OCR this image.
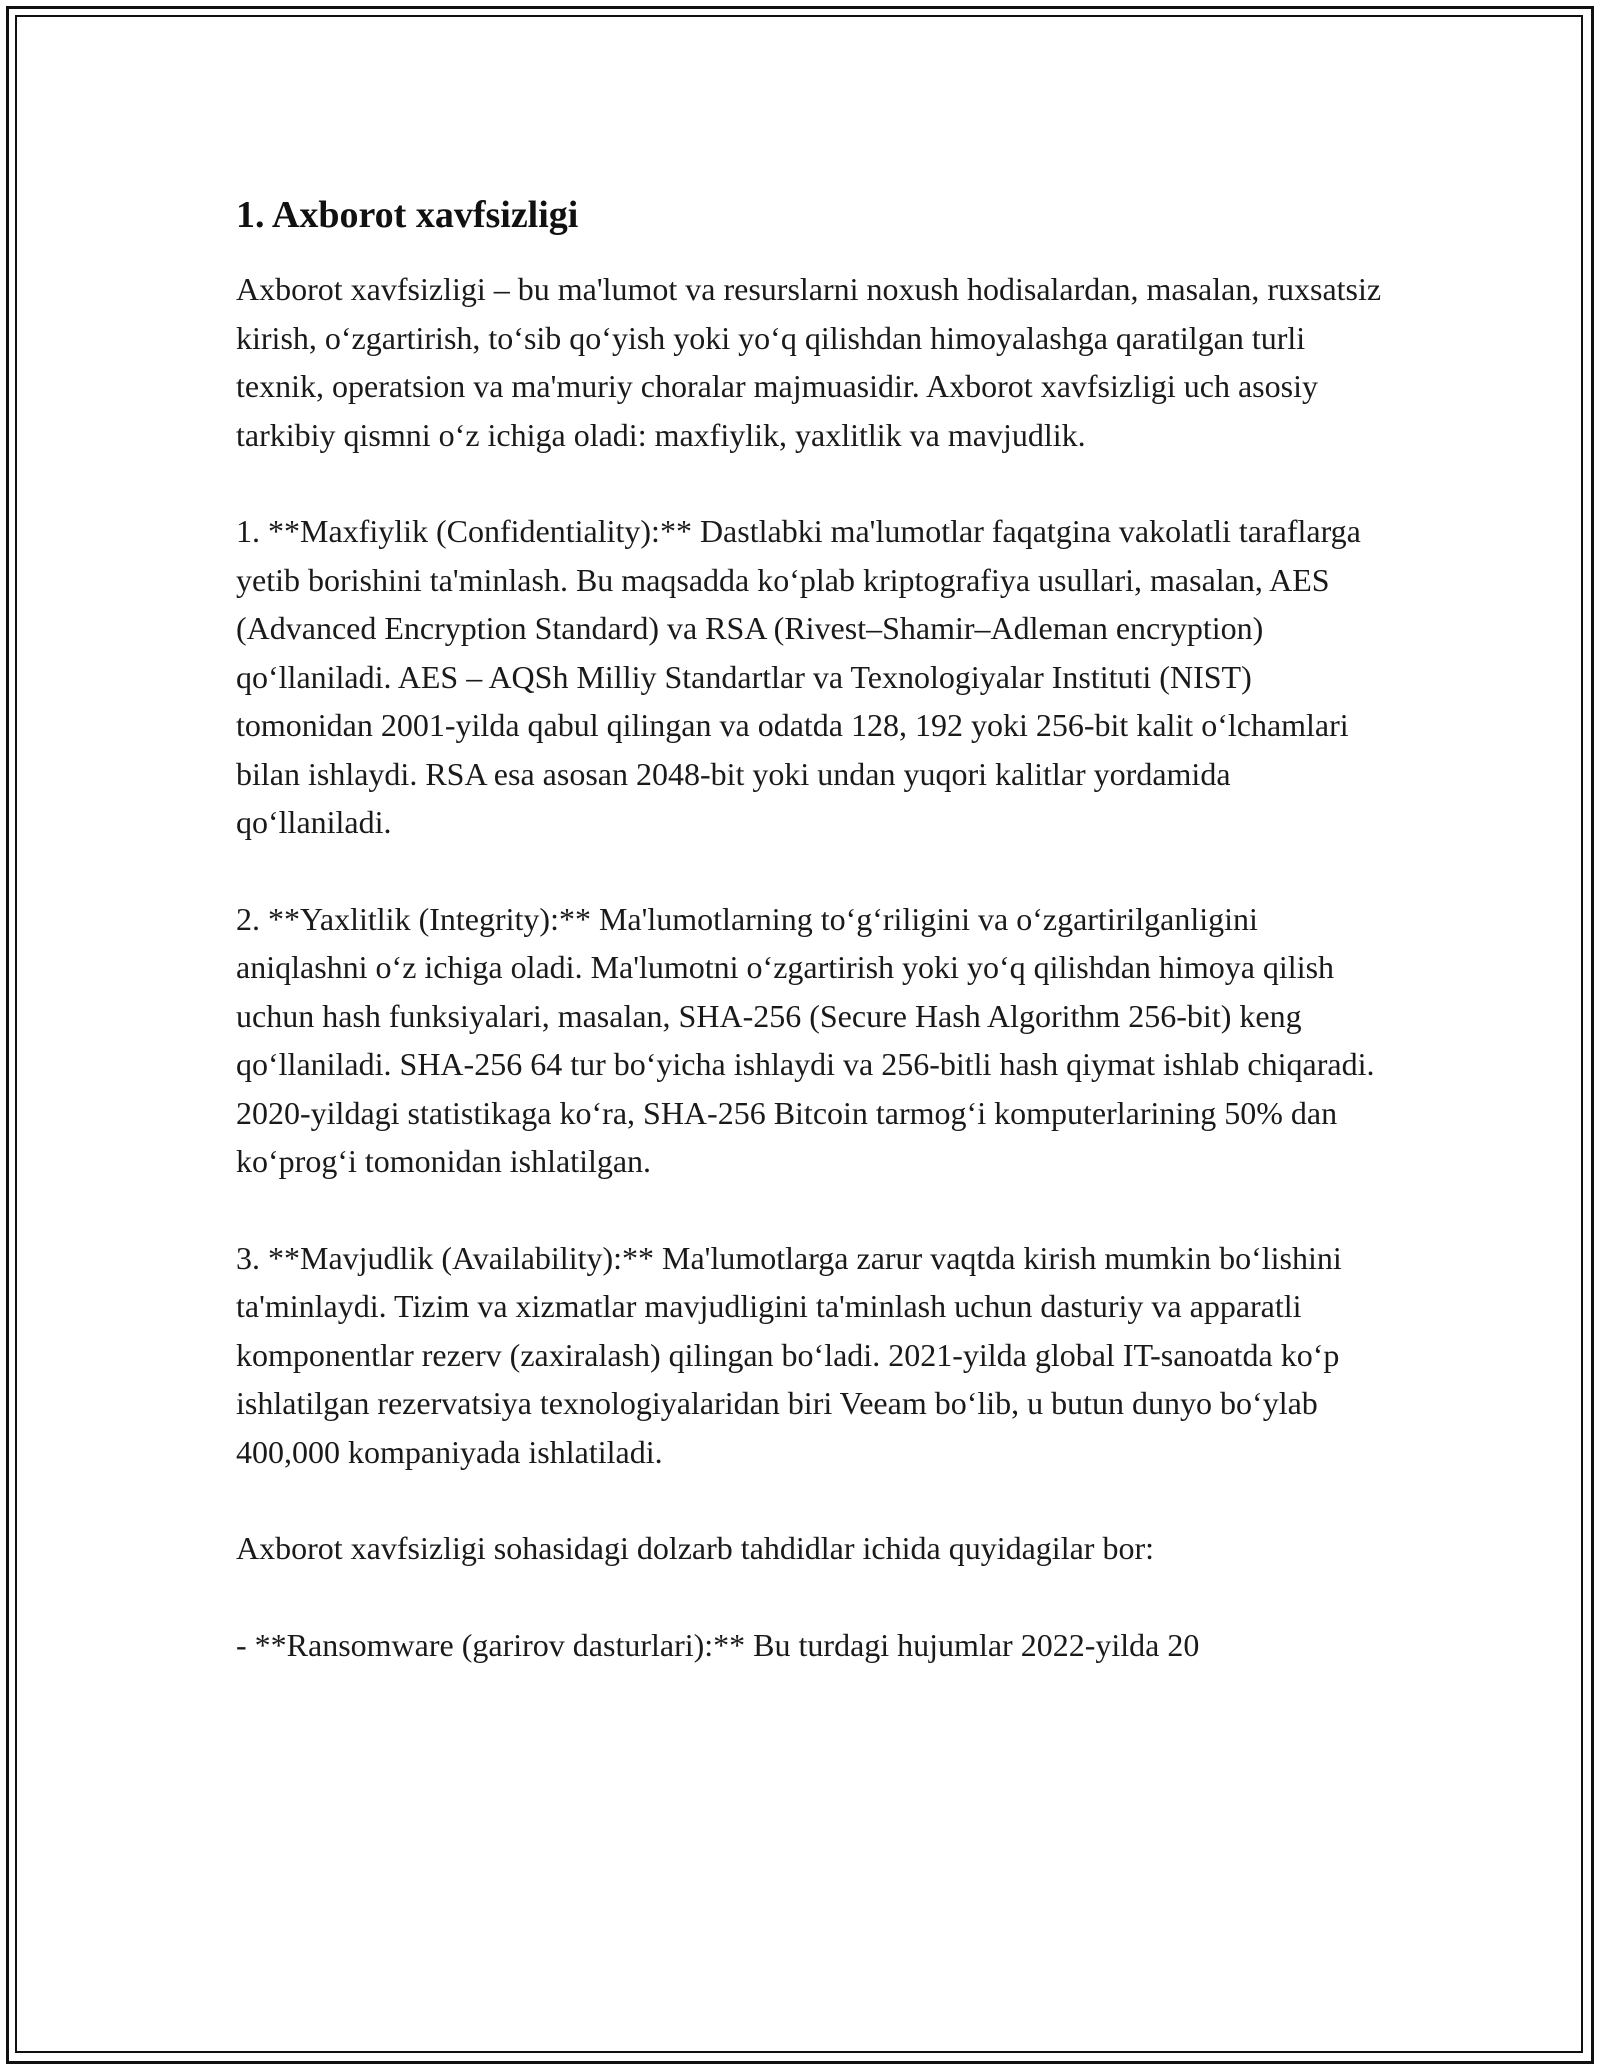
1. Axborot xavfsizligi

Axborot xavfsizligi – bu ma'lumot va resurslarni noxush hodisalardan, masalan, ruxsatsiz kirish, o‘zgartirish, to‘sib qo‘yish yoki yo‘q qilishdan himoyalashga qaratilgan turli texnik, operatsion va ma'muriy choralar majmuasidir. Axborot xavfsizligi uch asosiy tarkibiy qismni o‘z ichiga oladi: maxfiylik, yaxlitlik va mavjudlik.

1. **Maxfiylik (Confidentiality):** Dastlabki ma'lumotlar faqatgina vakolatli taraflarga yetib borishini ta'minlash. Bu maqsadda ko‘plab kriptografiya usullari, masalan, AES (Advanced Encryption Standard) va RSA (Rivest–Shamir–Adleman encryption) qo‘llaniladi. AES – AQSh Milliy Standartlar va Texnologiyalar Instituti (NIST) tomonidan 2001-yilda qabul qilingan va odatda 128, 192 yoki 256-bit kalit o‘lchamlari bilan ishlaydi. RSA esa asosan 2048-bit yoki undan yuqori kalitlar yordamida qo‘llaniladi.

2. **Yaxlitlik (Integrity):** Ma'lumotlarning to‘g‘riligini va o‘zgartirilganligini aniqlashni o‘z ichiga oladi. Ma'lumotni o‘zgartirish yoki yo‘q qilishdan himoya qilish uchun hash funksiyalari, masalan, SHA-256 (Secure Hash Algorithm 256-bit) keng qo‘llaniladi. SHA-256 64 tur bo‘yicha ishlaydi va 256-bitli hash qiymat ishlab chiqaradi. 2020-yildagi statistikaga ko‘ra, SHA-256 Bitcoin tarmog‘i komputerlarining 50% dan ko‘prog‘i tomonidan ishlatilgan.

3. **Mavjudlik (Availability):** Ma'lumotlarga zarur vaqtda kirish mumkin bo‘lishini ta'minlaydi. Tizim va xizmatlar mavjudligini ta'minlash uchun dasturiy va apparatli komponentlar rezerv (zaxiralash) qilingan bo‘ladi. 2021-yilda global IT-sanoatda ko‘p ishlatilgan rezervatsiya texnologiyalaridan biri Veeam bo‘lib, u butun dunyo bo‘ylab 400,000 kompaniyada ishlatiladi.

Axborot xavfsizligi sohasidagi dolzarb tahdidlar ichida quyidagilar bor:

- **Ransomware (garirov dasturlari):** Bu turdagi hujumlar 2022-yilda 20
